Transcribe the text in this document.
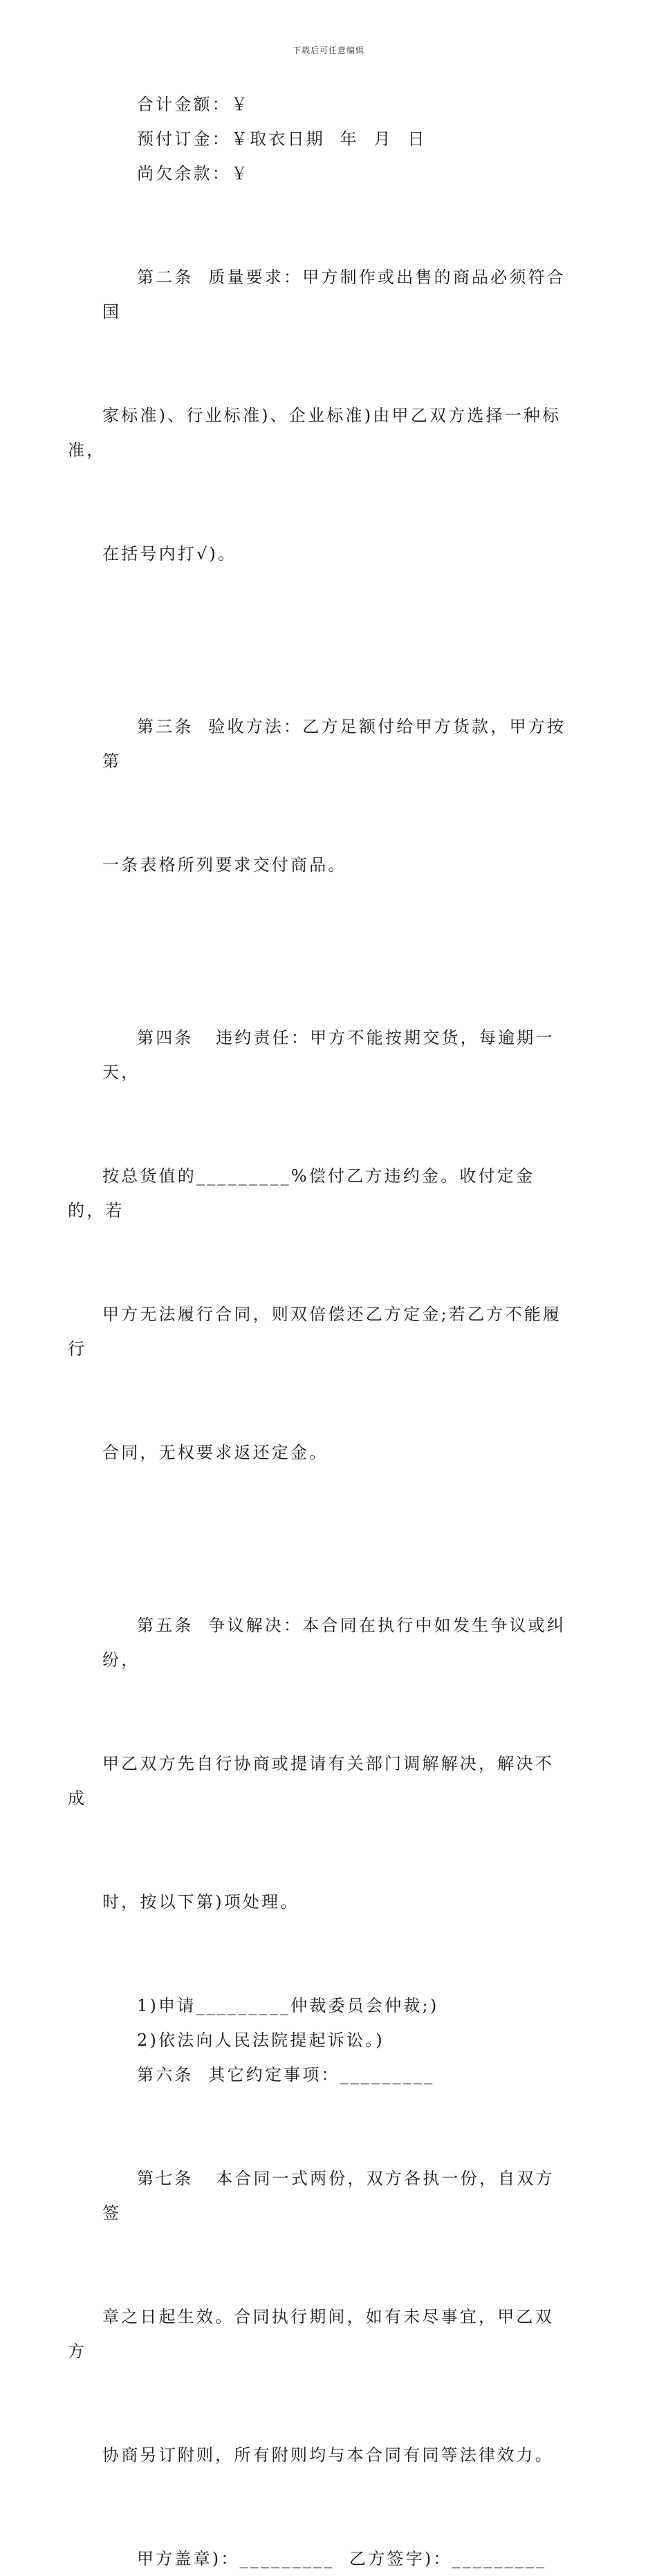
下载后可任意编辑

合计金额：￥

预付订金：￥取衣日期  年  月  日

尚欠余款：￥

第二条  质量要求：甲方制作或出售的商品必须符合国

家标准)、行业标准)、企业标准)由甲乙双方选择一种标准，

在括号内打√)。

第三条  验收方法：乙方足额付给甲方货款，甲方按第

一条表格所列要求交付商品。

第四条   违约责任：甲方不能按期交货，每逾期一天，

按总货值的_________%偿付乙方违约金。收付定金的，若

甲方无法履行合同，则双倍偿还乙方定金;若乙方不能履行

合同，无权要求返还定金。

第五条  争议解决：本合同在执行中如发生争议或纠纷，

甲乙双方先自行协商或提请有关部门调解解决，解决不成

时，按以下第)项处理。

1)申请_________仲裁委员会仲裁;)

2)依法向人民法院提起诉讼。)

第六条  其它约定事项：_________

第七条   本合同一式两份，双方各执一份，自双方签

章之日起生效。合同执行期间，如有未尽事宜，甲乙双方

协商另订附则，所有附则均与本合同有同等法律效力。

甲方盖章)：_________  乙方签字)：_________
